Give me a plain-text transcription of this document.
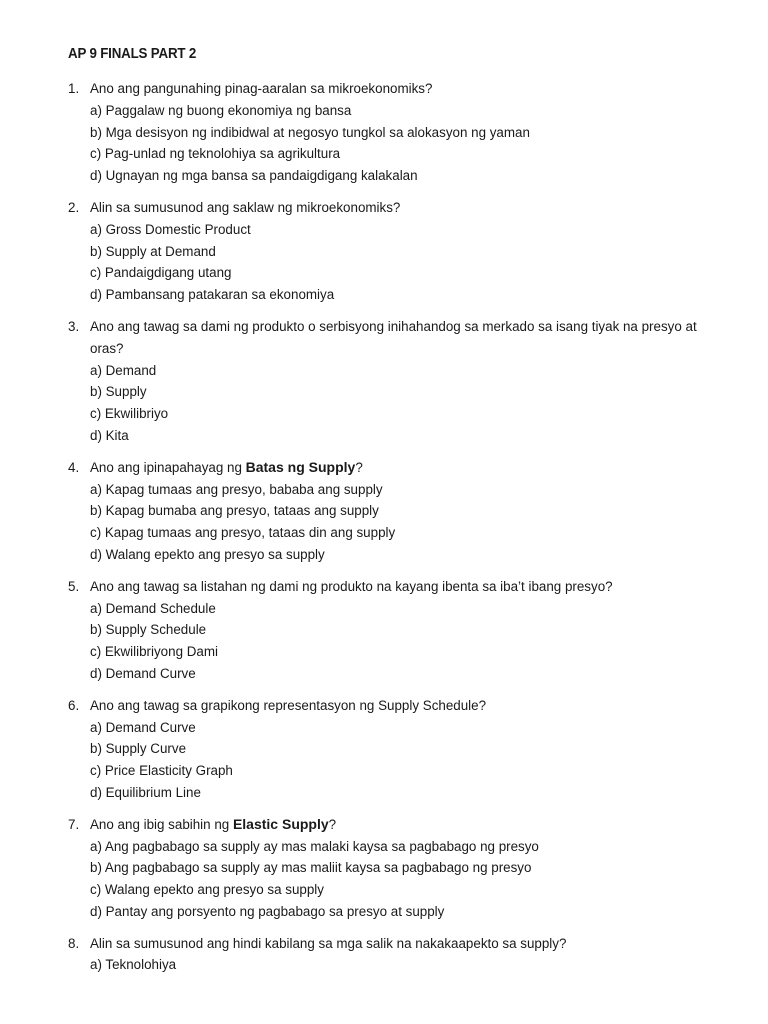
AP 9 FINALS PART 2
1. Ano ang pangunahing pinag-aaralan sa mikroekonomiks?
a) Paggalaw ng buong ekonomiya ng bansa
b) Mga desisyon ng indibidwal at negosyo tungkol sa alokasyon ng yaman
c) Pag-unlad ng teknolohiya sa agrikultura
d) Ugnayan ng mga bansa sa pandaigdigang kalakalan
2. Alin sa sumusunod ang saklaw ng mikroekonomiks?
a) Gross Domestic Product
b) Supply at Demand
c) Pandaigdigang utang
d) Pambansang patakaran sa ekonomiya
3. Ano ang tawag sa dami ng produkto o serbisyong inihahandog sa merkado sa isang tiyak na presyo at oras?
a) Demand
b) Supply
c) Ekwilibriyo
d) Kita
4. Ano ang ipinapahayag ng Batas ng Supply?
a) Kapag tumaas ang presyo, bababa ang supply
b) Kapag bumaba ang presyo, tataas ang supply
c) Kapag tumaas ang presyo, tataas din ang supply
d) Walang epekto ang presyo sa supply
5. Ano ang tawag sa listahan ng dami ng produkto na kayang ibenta sa iba’t ibang presyo?
a) Demand Schedule
b) Supply Schedule
c) Ekwilibriyong Dami
d) Demand Curve
6. Ano ang tawag sa grapikong representasyon ng Supply Schedule?
a) Demand Curve
b) Supply Curve
c) Price Elasticity Graph
d) Equilibrium Line
7. Ano ang ibig sabihin ng Elastic Supply?
a) Ang pagbabago sa supply ay mas malaki kaysa sa pagbabago ng presyo
b) Ang pagbabago sa supply ay mas maliit kaysa sa pagbabago ng presyo
c) Walang epekto ang presyo sa supply
d) Pantay ang porsyento ng pagbabago sa presyo at supply
8. Alin sa sumusunod ang hindi kabilang sa mga salik na nakakaapekto sa supply?
a) Teknolohiya
